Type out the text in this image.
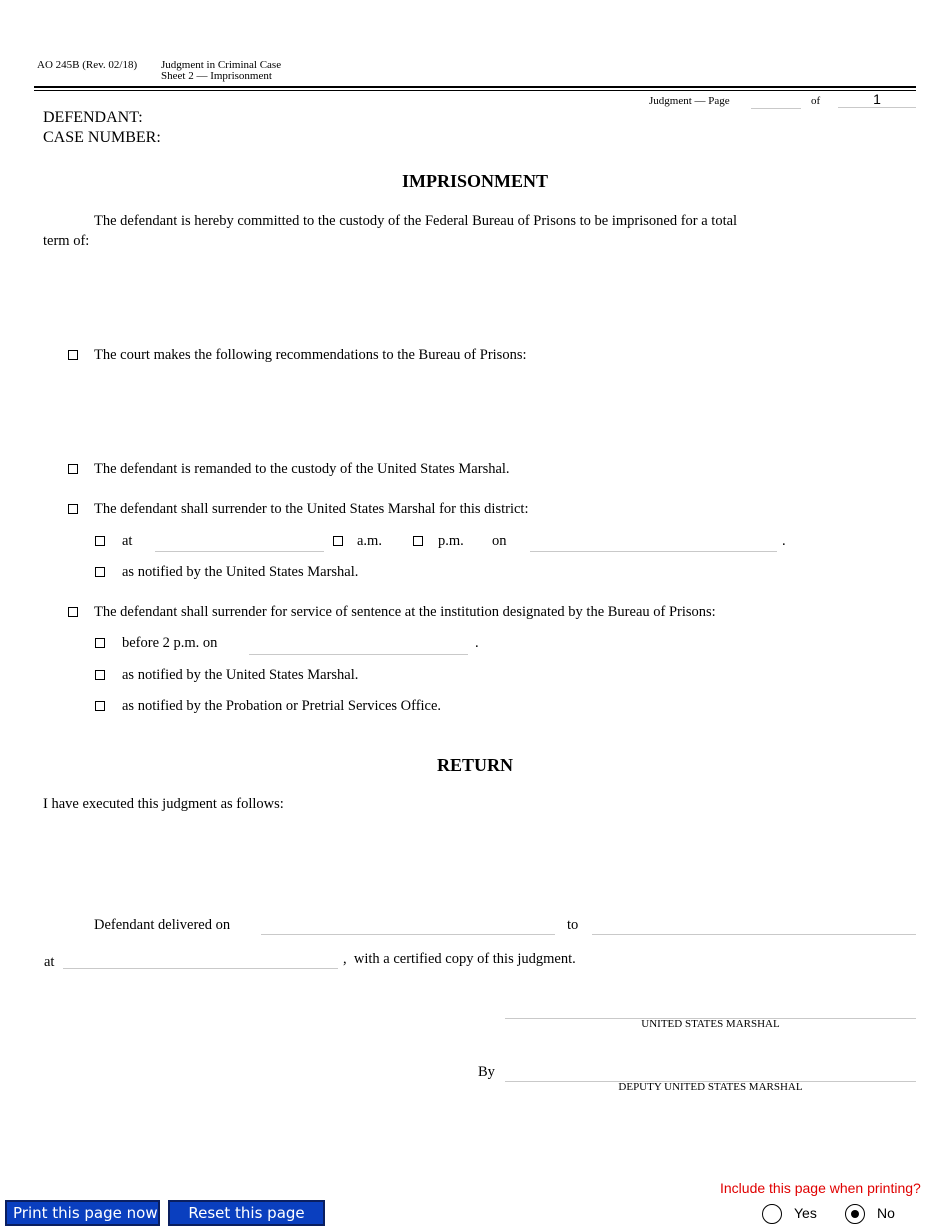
AO 245B (Rev. 02/18) Judgment in Criminal Case
Sheet 2 — Imprisonment
Judgment — Page	of	1
DEFENDANT:
CASE NUMBER:
IMPRISONMENT
The defendant is hereby committed to the custody of the Federal Bureau of Prisons to be imprisoned for a total
term of:
The court makes the following recommendations to the Bureau of Prisons:
The defendant is remanded to the custody of the United States Marshal.
The defendant shall surrender to the United States Marshal for this district:
at	a.m.	p.m. on	.
as notified by the United States Marshal.
The defendant shall surrender for service of sentence at the institution designated by the Bureau of Prisons:
before 2 p.m. on	.
as notified by the United States Marshal.
as notified by the Probation or Pretrial Services Office.
RETURN
I have executed this judgment as follows:
Defendant delivered on	to
at	,  with a certified copy of this judgment.
UNITED STATES MARSHAL
By
DEPUTY UNITED STATES MARSHAL
Print this page now	Reset this page
Include this page when printing?
Yes	No
